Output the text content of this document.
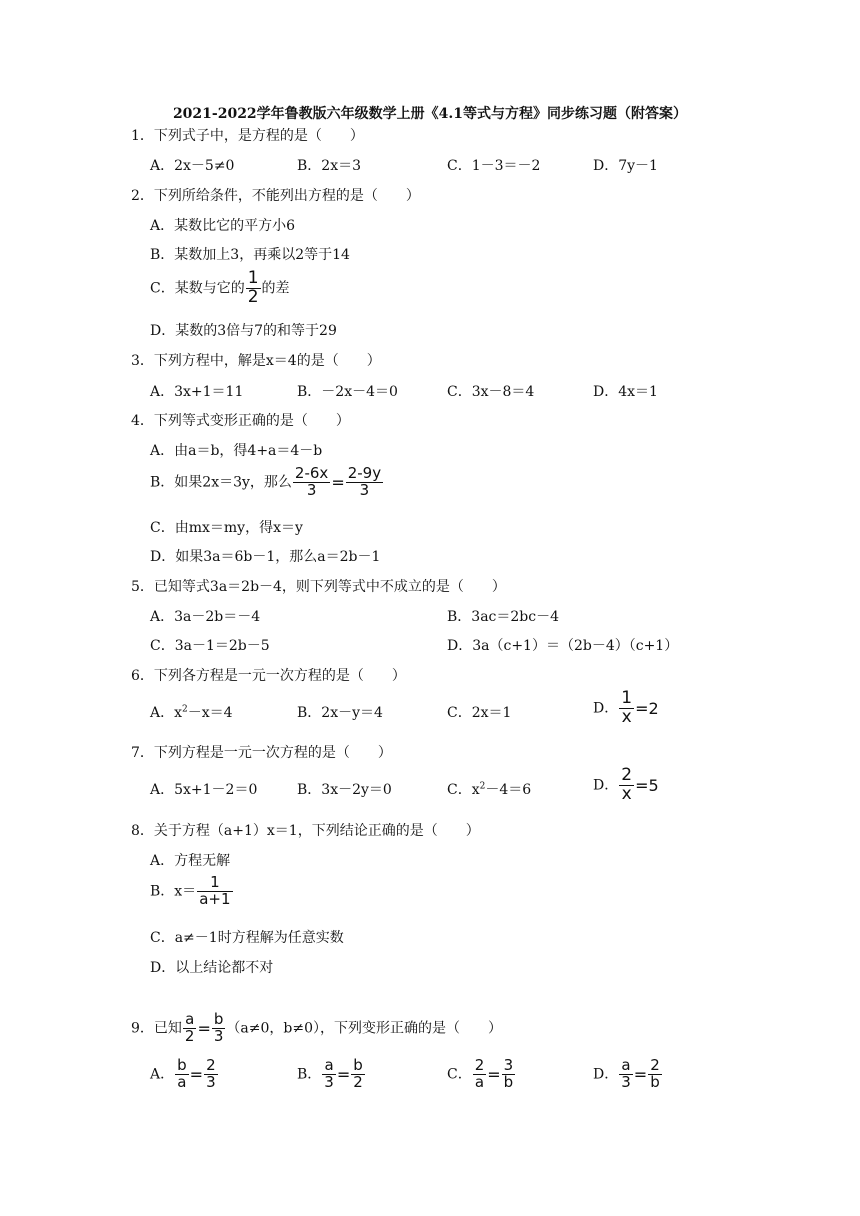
2021-2022学年鲁教版六年级数学上册《4.1等式与方程》同步练习题（附答案）
1．下列式子中，是方程的是（　　）
A．2x－5≠0	B．2x＝3	C．1－3＝－2	D．7y－1
2．下列所给条件，不能列出方程的是（　　）
A．某数比它的平方小6
B．某数加上3，再乘以2等于14
C．某数与它的 $\frac{1}{2}$ 的差
D．某数的3倍与7的和等于29
3．下列方程中，解是x＝4的是（　　）
A．3x+1＝11	B．－2x－4＝0	C．3x－8＝4	D．4x＝1
4．下列等式变形正确的是（　　）
A．由a＝b，得4+a＝4－b
B．如果2x＝3y，那么 $\frac{2-6x}{3} = \frac{2-9y}{3}$
C．由mx＝my，得x＝y
D．如果3a＝6b－1，那么a＝2b－1
5．已知等式3a＝2b－4，则下列等式中不成立的是（　　）
A．3a－2b＝－4	B．3ac＝2bc－4
C．3a－1＝2b－5	D．3a（c+1）＝（2b－4）（c+1）
6．下列各方程是一元一次方程的是（　　）
A．$x^2-x=4$	B．2x－y＝4	C．2x＝1	D． $\frac{1}{x} =2$
7．下列方程是一元一次方程的是（　　）
A．5x+1－2＝0	B．3x－2y＝0	C．$x^2-4=6$	D． $\frac{2}{x} =5$
8．关于方程（a+1）x＝1，下列结论正确的是（　　）
A．方程无解
B．$x= \frac{1}{a+1}$
C．a≠－1时方程解为任意实数
D．以上结论都不对
9．已知 $\frac{a}{2} = \frac{b}{3} (a\ne 0$，b≠0），下列变形正确的是（　　）
A． $\frac{b}{a} = \frac{2}{3}$	B． $\frac{a}{3} = \frac{b}{2}$	C． $\frac{2}{a} = \frac{3}{b}$	D． $\frac{a}{3} = \frac{2}{b}$
